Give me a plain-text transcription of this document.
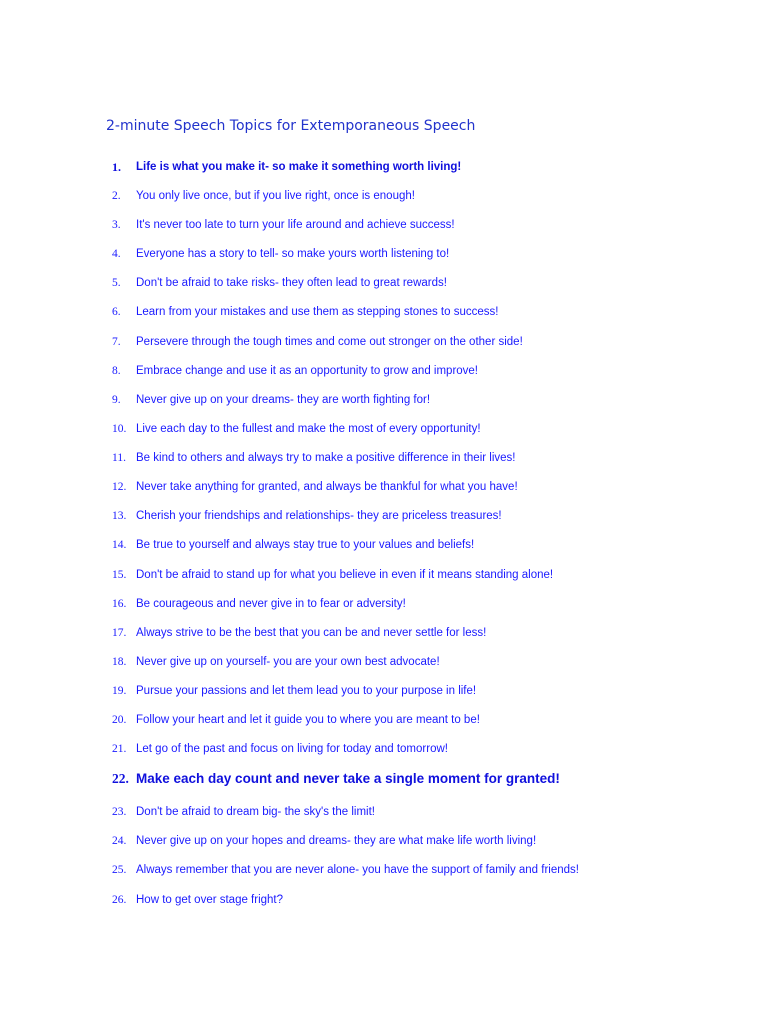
2-minute Speech Topics for Extemporaneous Speech
1.	Life is what you make it- so make it something worth living!
2.	You only live once, but if you live right, once is enough!
3.	It's never too late to turn your life around and achieve success!
4.	Everyone has a story to tell- so make yours worth listening to!
5.	Don't be afraid to take risks- they often lead to great rewards!
6.	Learn from your mistakes and use them as stepping stones to success!
7.	Persevere through the tough times and come out stronger on the other side!
8.	Embrace change and use it as an opportunity to grow and improve!
9.	Never give up on your dreams- they are worth fighting for!
10. Live each day to the fullest and make the most of every opportunity!
11. Be kind to others and always try to make a positive difference in their lives!
12. Never take anything for granted, and always be thankful for what you have!
13. Cherish your friendships and relationships- they are priceless treasures!
14. Be true to yourself and always stay true to your values and beliefs!
15. Don't be afraid to stand up for what you believe in even if it means standing alone!
16. Be courageous and never give in to fear or adversity!
17. Always strive to be the best that you can be and never settle for less!
18. Never give up on yourself- you are your own best advocate!
19. Pursue your passions and let them lead you to your purpose in life!
20. Follow your heart and let it guide you to where you are meant to be!
21. Let go of the past and focus on living for today and tomorrow!
22. Make each day count and never take a single moment for granted!
23. Don't be afraid to dream big- the sky's the limit!
24. Never give up on your hopes and dreams- they are what make life worth living!
25. Always remember that you are never alone- you have the support of family and friends!
26. How to get over stage fright?
